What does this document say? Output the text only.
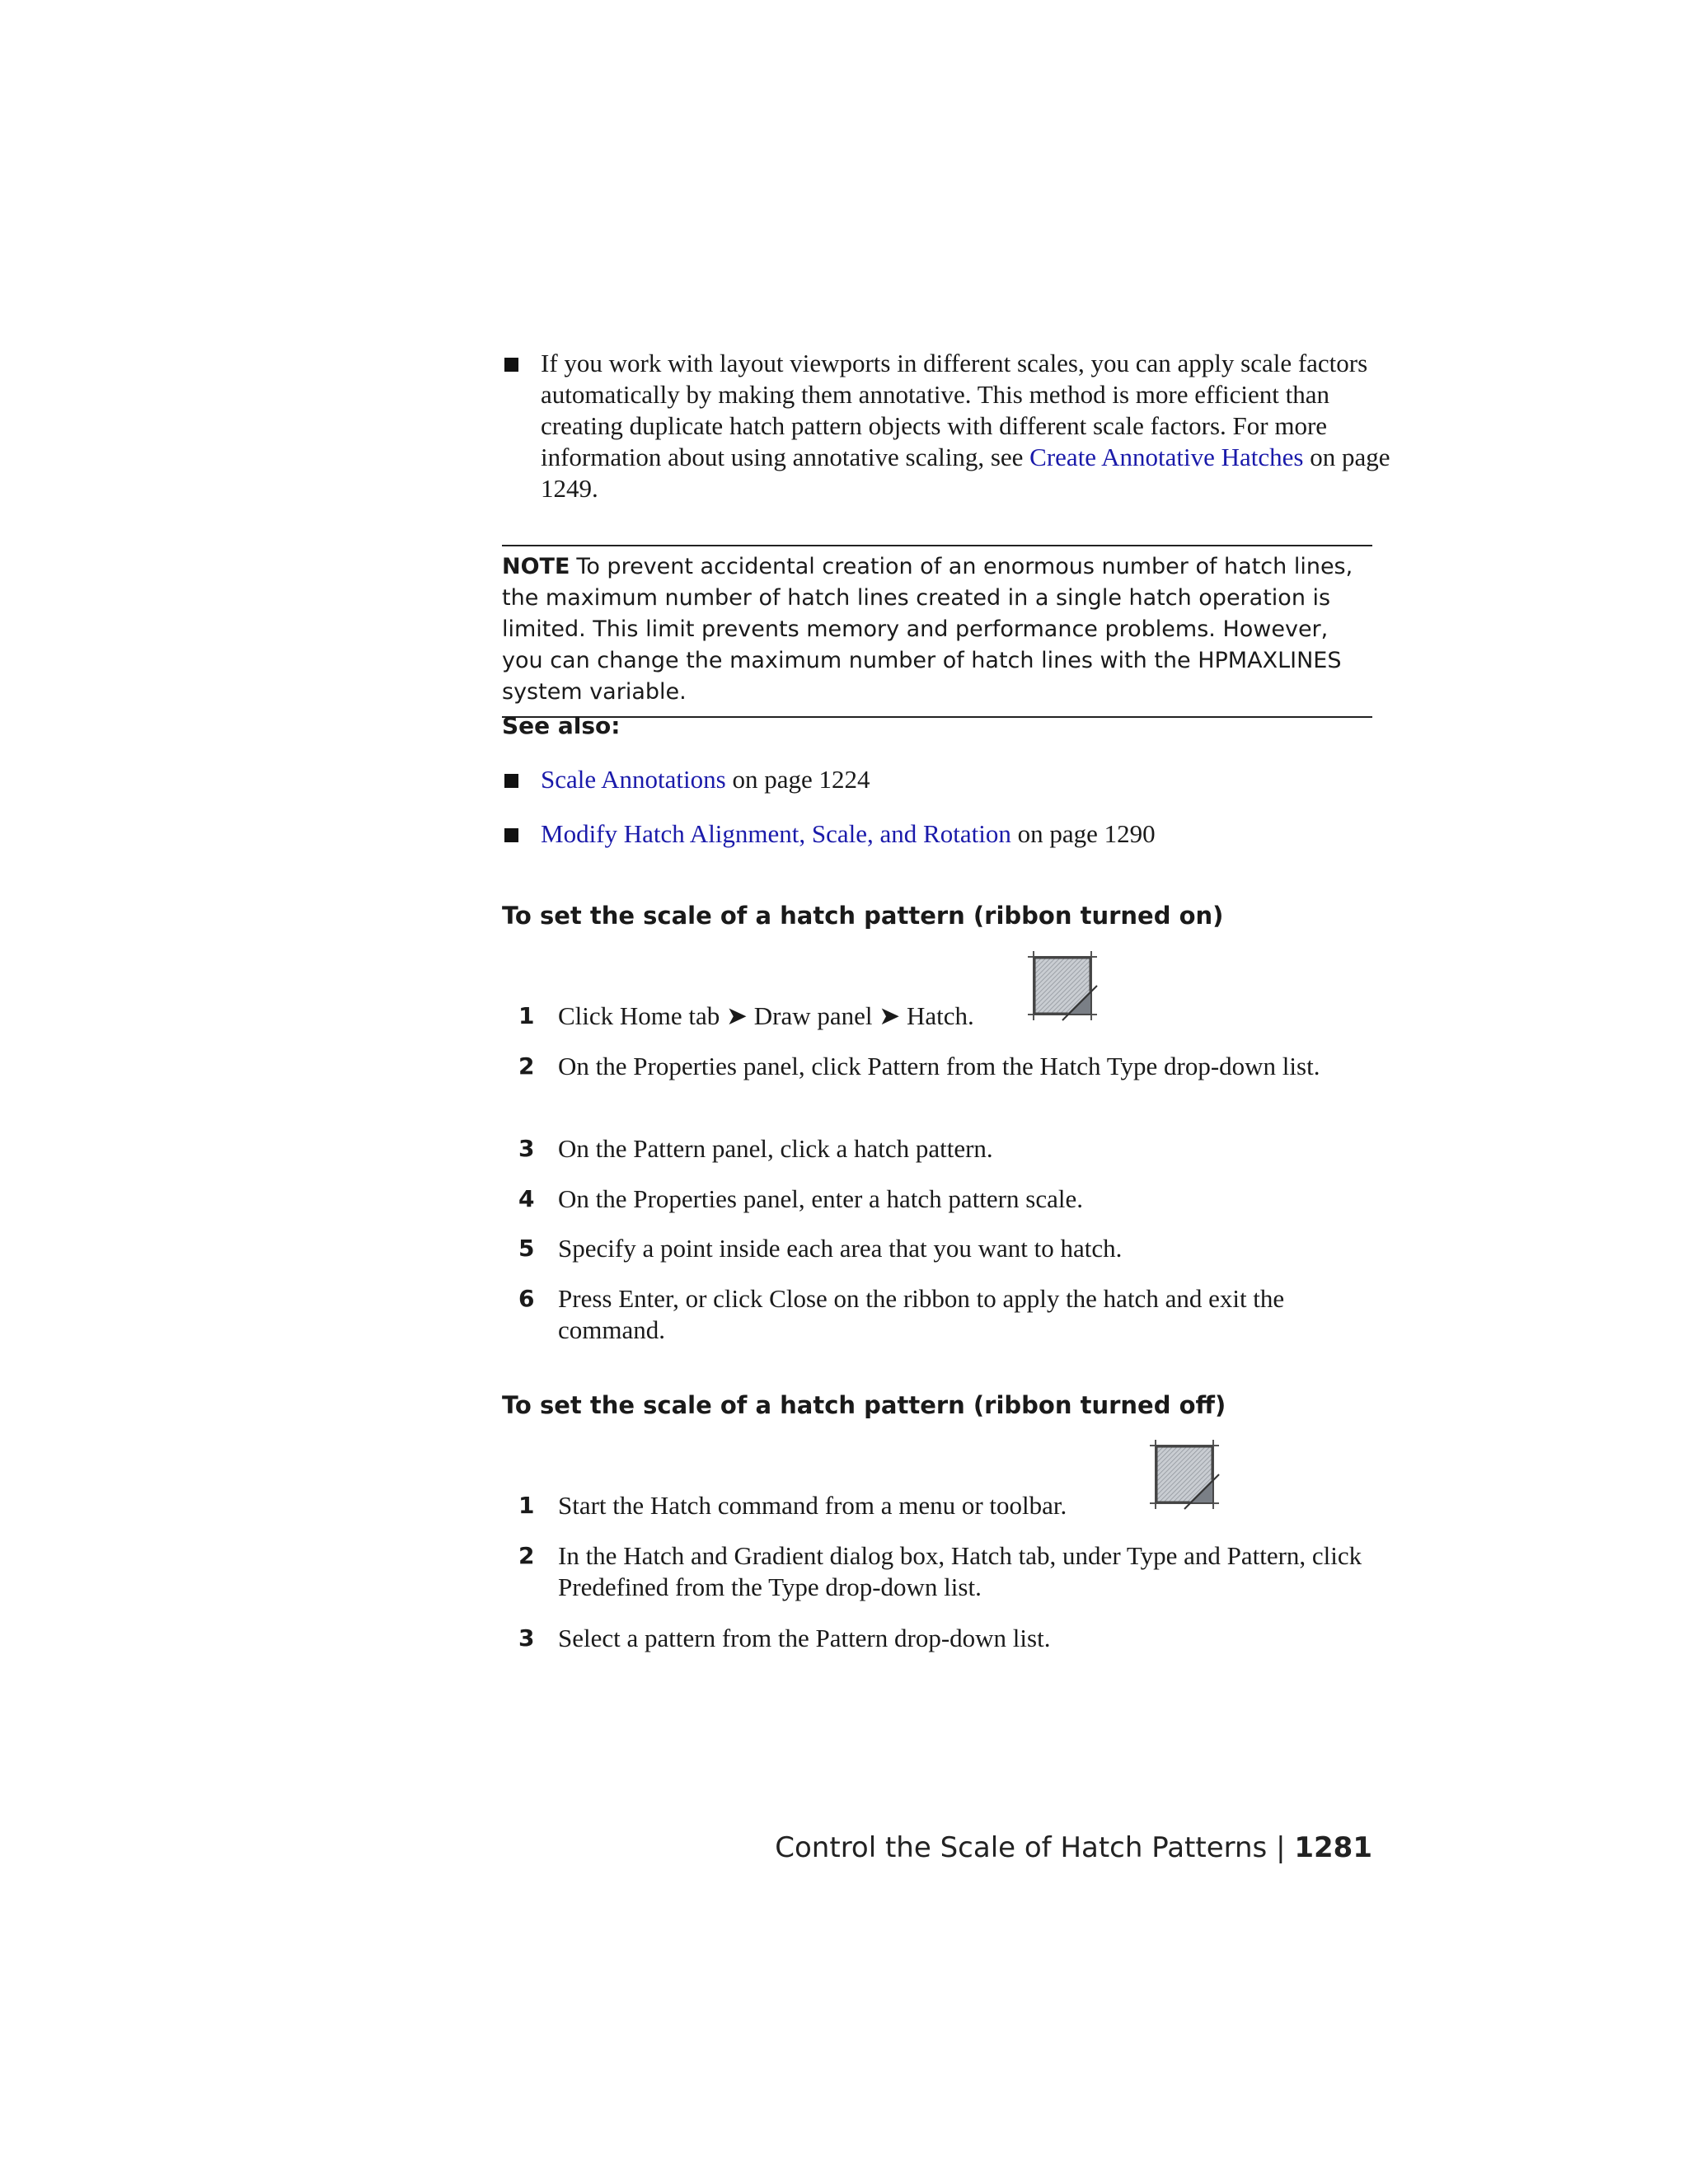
If you work with layout viewports in different scales, you can apply scale factors automatically by making them annotative. This method is more efficient than creating duplicate hatch pattern objects with different scale factors. For more information about using annotative scaling, see Create Annotative Hatches on page 1249.
NOTE To prevent accidental creation of an enormous number of hatch lines, the maximum number of hatch lines created in a single hatch operation is limited. This limit prevents memory and performance problems. However, you can change the maximum number of hatch lines with the HPMAXLINES system variable.
See also:
Scale Annotations on page 1224
Modify Hatch Alignment, Scale, and Rotation on page 1290
To set the scale of a hatch pattern (ribbon turned on)
1 Click Home tab ➤ Draw panel ➤ Hatch.
2 On the Properties panel, click Pattern from the Hatch Type drop-down list.
3 On the Pattern panel, click a hatch pattern.
4 On the Properties panel, enter a hatch pattern scale.
5 Specify a point inside each area that you want to hatch.
6 Press Enter, or click Close on the ribbon to apply the hatch and exit the command.
To set the scale of a hatch pattern (ribbon turned off)
1 Start the Hatch command from a menu or toolbar.
2 In the Hatch and Gradient dialog box, Hatch tab, under Type and Pattern, click Predefined from the Type drop-down list.
3 Select a pattern from the Pattern drop-down list.
Control the Scale of Hatch Patterns | 1281
